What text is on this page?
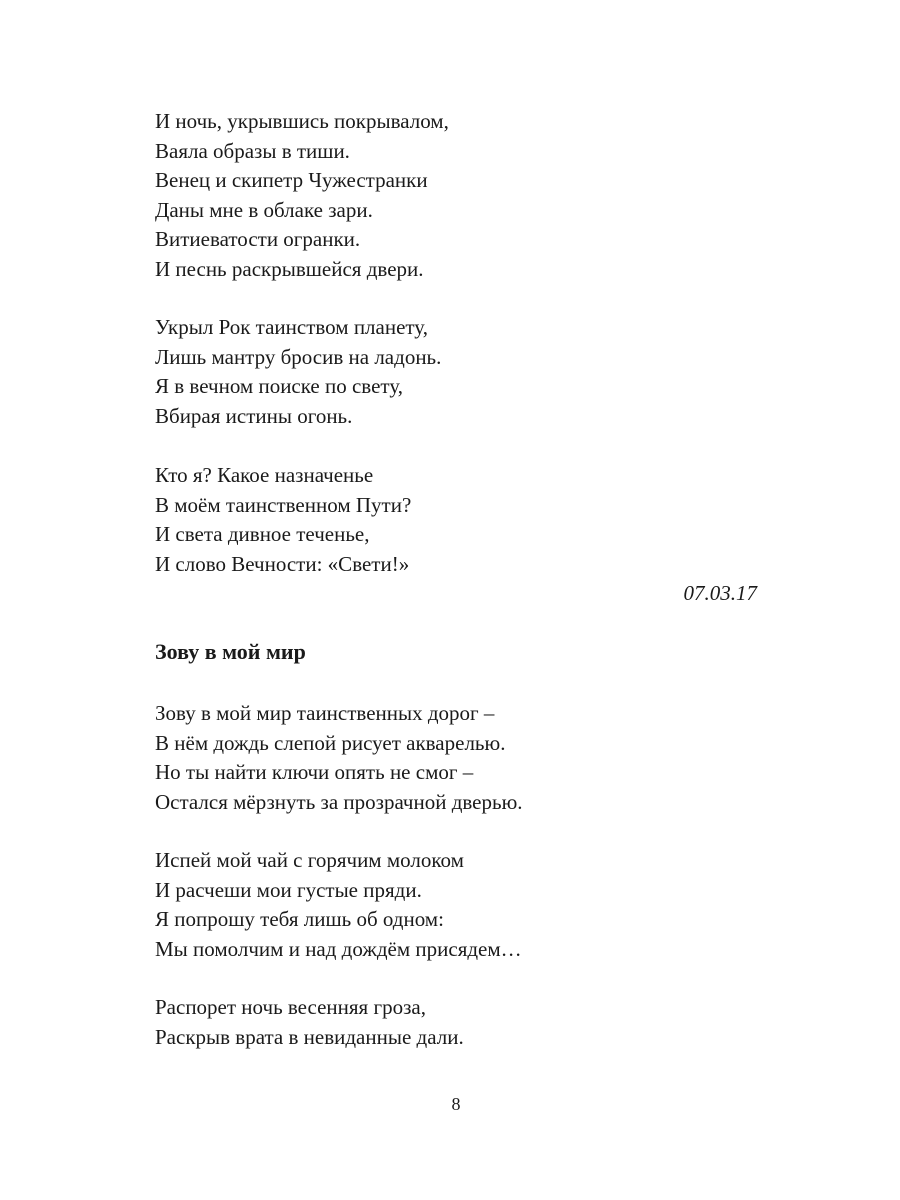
И ночь, укрывшись покрывалом,
Ваяла образы в тиши.
Венец и скипетр Чужестранки
Даны мне в облаке зари.
Витиеватости огранки.
И песнь раскрывшейся двери.
Укрыл Рок таинством планету,
Лишь мантру бросив на ладонь.
Я в вечном поиске по свету,
Вбирая истины огонь.
Кто я? Какое назначенье
В моём таинственном Пути?
И света дивное теченье,
И слово Вечности: «Свети!»
07.03.17
Зову в мой мир
Зову в мой мир таинственных дорог –
В нём дождь слепой рисует акварелью.
Но ты найти ключи опять не смог –
Остался мёрзнуть за прозрачной дверью.
Испей мой чай с горячим молоком
И расчеши мои густые пряди.
Я попрошу тебя лишь об одном:
Мы помолчим и над дождём присядем…
Распорет ночь весенняя гроза,
Раскрыв врата в невиданные дали.
8
